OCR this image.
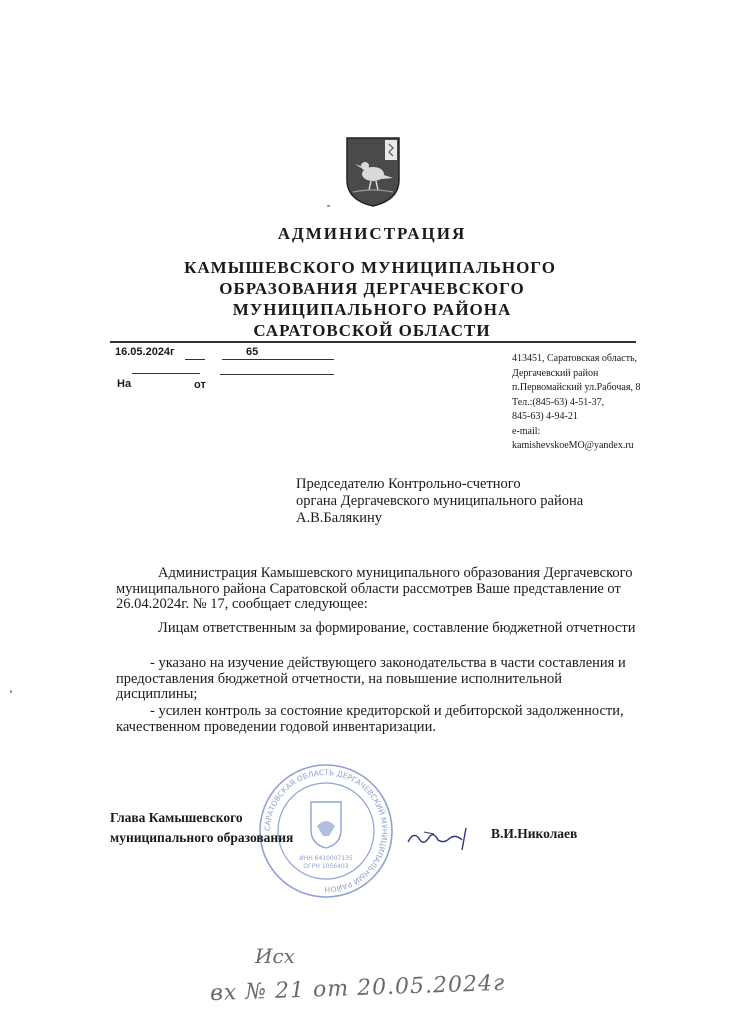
АДМИНИСТРАЦИЯ
КАМЫШЕВСКОГО МУНИЦИПАЛЬНОГО
ОБРАЗОВАНИЯ ДЕРГАЧЕВСКОГО
МУНИЦИПАЛЬНОГО РАЙОНА
САРАТОВСКОЙ ОБЛАСТИ
16.05.2024г	65
На	от
413451, Саратовская область,
Дергачевский район
п.Первомайский ул.Рабочая, 8
Тел.:(845-63) 4-51-37,
845-63) 4-94-21
e-mail:
kamishevskoeMO@yandex.ru
Председателю Контрольно-счетного
органа Дергачевского муниципального района
А.В.Балякину
Администрация Камышевского муниципального образования Дергачевского муниципального района Саратовской области рассмотрев Ваше представление от 26.04.2024г. № 17, сообщает следующее:
Лицам ответственным за формирование, составление бюджетной отчетности
- указано на изучение действующего законодательства в части составления и предоставления бюджетной отчетности, на повышение исполнительной дисциплины;
- усилен контроль за состояние кредиторской и дебиторской задолженности, качественном проведении годовой инвентаризации.
САРАТОВСКАЯ ОБЛАСТЬ ДЕРГАЧЕВСКИЙ МУНИЦИПАЛЬНЫЙ РАЙОН
ИНН 6410007135
ОГРН 1056403
Глава Камышевского
муниципального образования	В.И.Николаев
Исх
вх № 21 от 20.05.2024г
